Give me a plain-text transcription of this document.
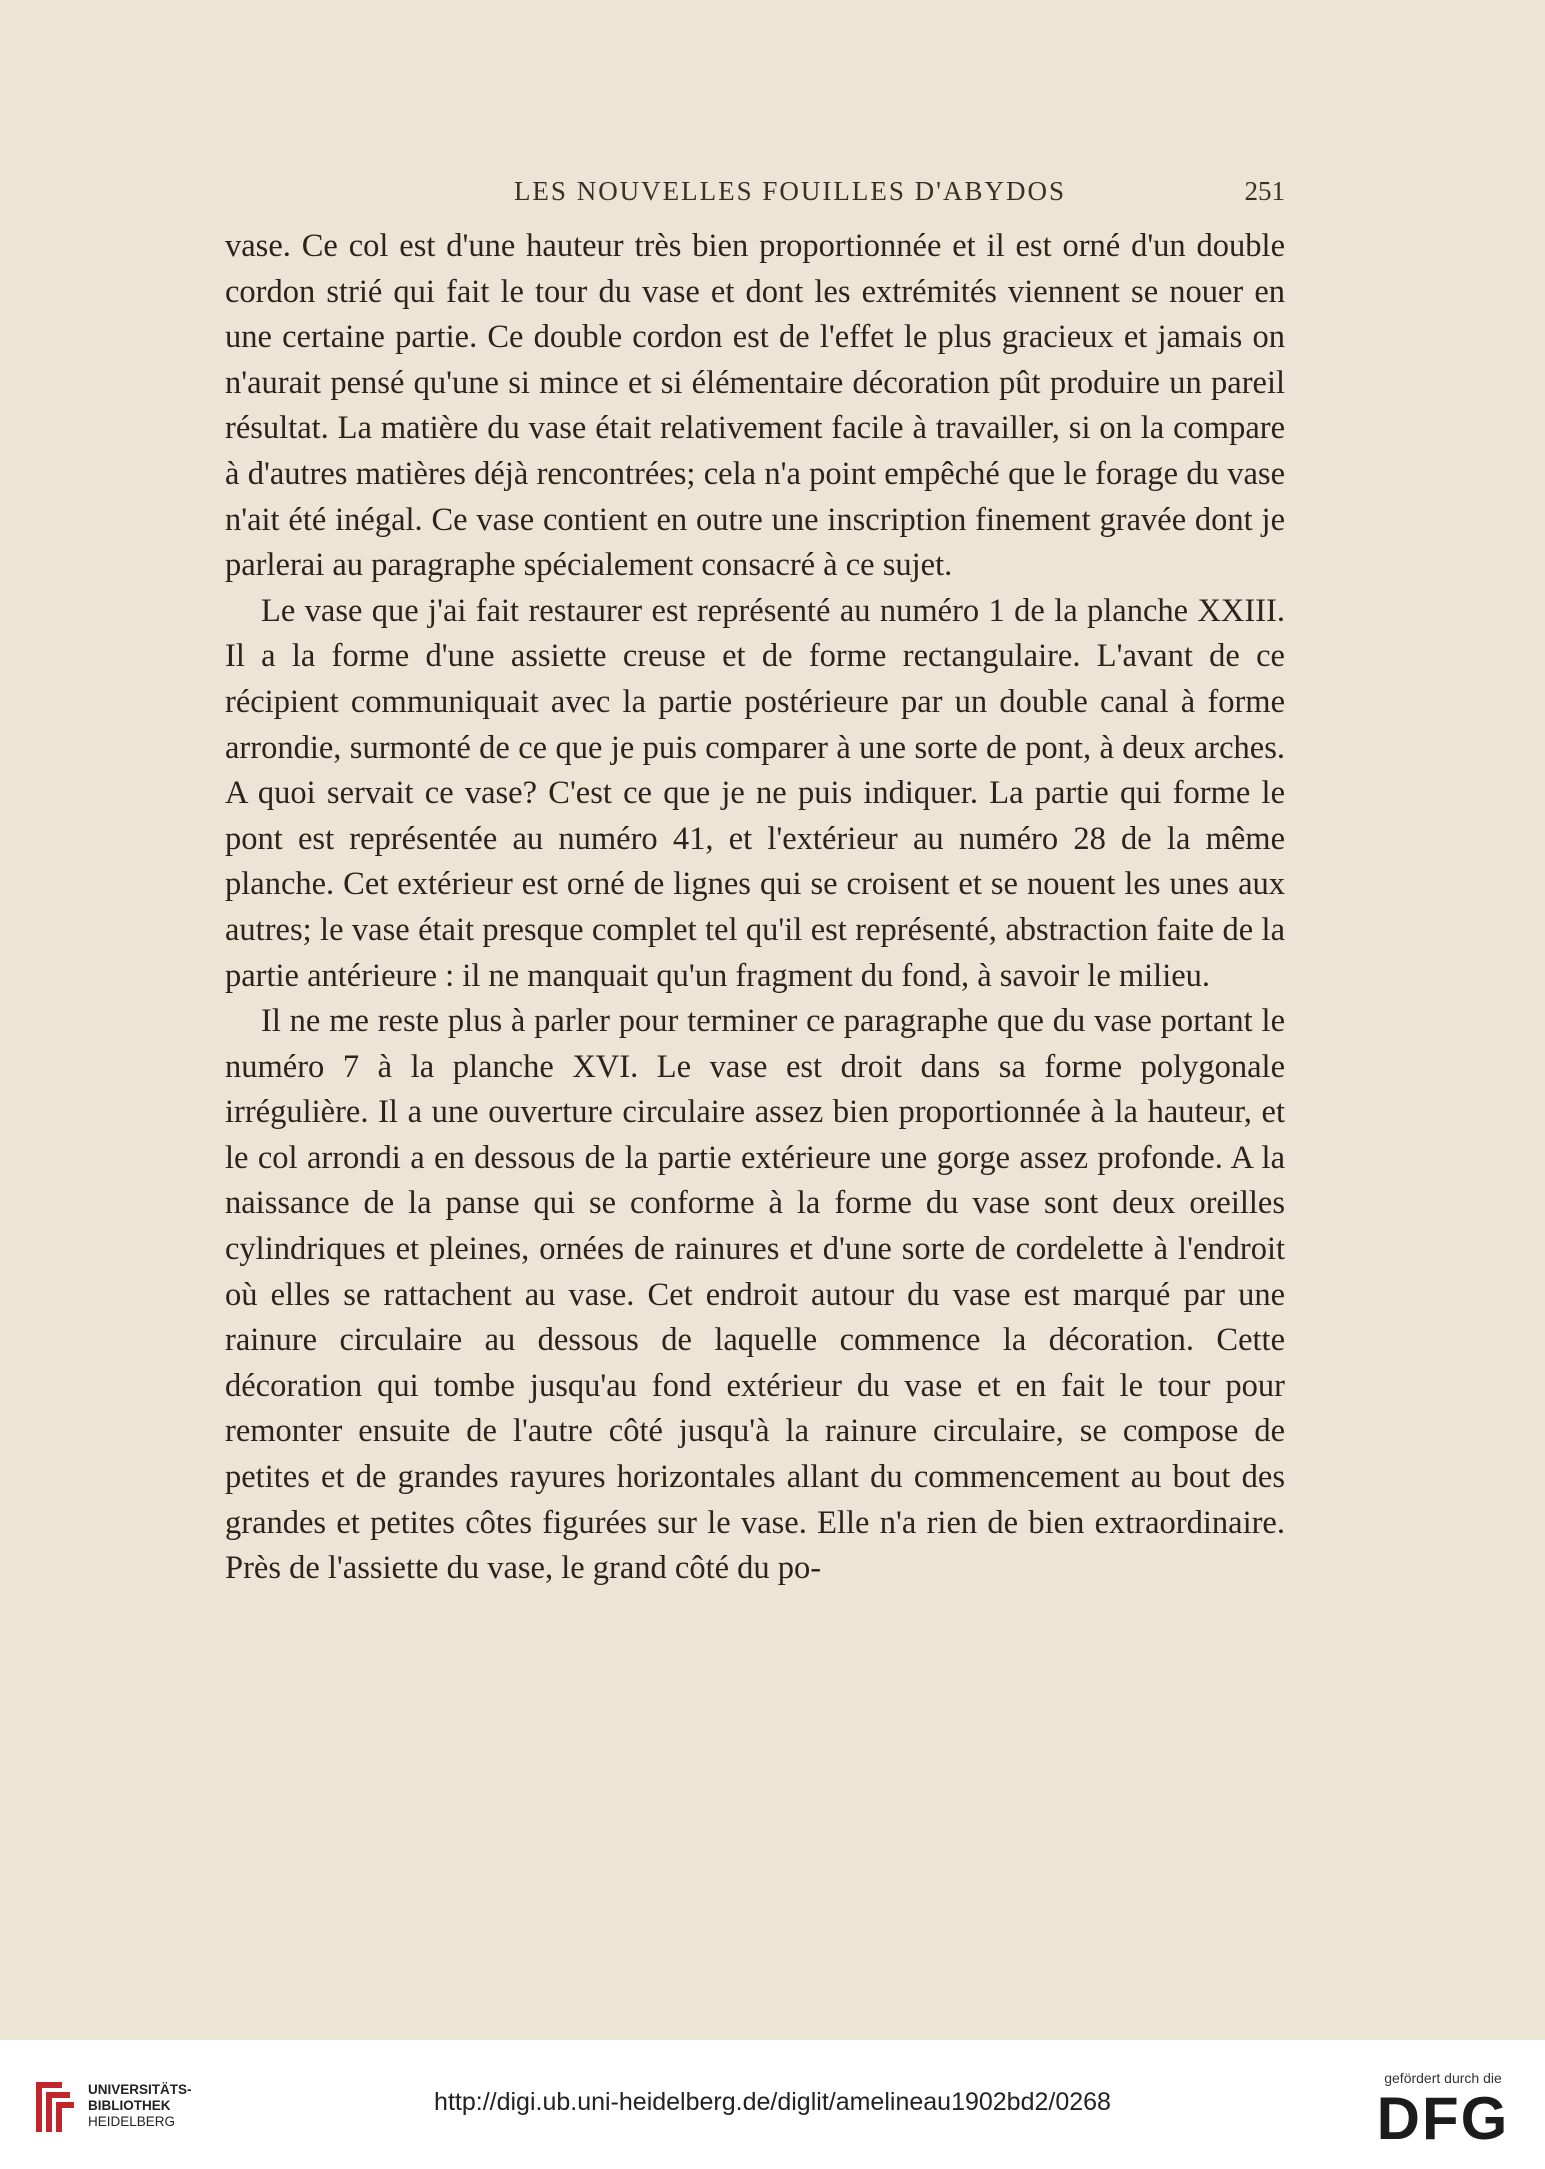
LES NOUVELLES FOUILLES D'ABYDOS	251

vase. Ce col est d'une hauteur très bien proportionnée et il est orné d'un double cordon strié qui fait le tour du vase et dont les extrémités viennent se nouer en une certaine partie. Ce double cordon est de l'effet le plus gracieux et jamais on n'aurait pensé qu'une si mince et si élémentaire décoration pût produire un pareil résultat. La matière du vase était relativement facile à travailler, si on la compare à d'autres matières déjà rencontrées; cela n'a point empêché que le forage du vase n'ait été inégal. Ce vase contient en outre une inscription finement gravée dont je parlerai au paragraphe spécialement consacré à ce sujet.

Le vase que j'ai fait restaurer est représenté au numéro 1 de la planche XXIII. Il a la forme d'une assiette creuse et de forme rectangulaire. L'avant de ce récipient communiquait avec la partie postérieure par un double canal à forme arrondie, surmonté de ce que je puis comparer à une sorte de pont, à deux arches. A quoi servait ce vase? C'est ce que je ne puis indiquer. La partie qui forme le pont est représentée au numéro 41, et l'extérieur au numéro 28 de la même planche. Cet extérieur est orné de lignes qui se croisent et se nouent les unes aux autres; le vase était presque complet tel qu'il est représenté, abstraction faite de la partie antérieure : il ne manquait qu'un fragment du fond, à savoir le milieu.

Il ne me reste plus à parler pour terminer ce paragraphe que du vase portant le numéro 7 à la planche XVI. Le vase est droit dans sa forme polygonale irrégulière. Il a une ouverture circulaire assez bien proportionnée à la hauteur, et le col arrondi a en dessous de la partie extérieure une gorge assez profonde. A la naissance de la panse qui se conforme à la forme du vase sont deux oreilles cylindriques et pleines, ornées de rainures et d'une sorte de cordelette à l'endroit où elles se rattachent au vase. Cet endroit autour du vase est marqué par une rainure circulaire au dessous de laquelle commence la décoration. Cette décoration qui tombe jusqu'au fond extérieur du vase et en fait le tour pour remonter ensuite de l'autre côté jusqu'à la rainure circulaire, se compose de petites et de grandes rayures horizontales allant du commencement au bout des grandes et petites côtes figurées sur le vase. Elle n'a rien de bien extraordinaire. Près de l'assiette du vase, le grand côté du po-

UNIVERSITÄTS-
BIBLIOTHEK
HEIDELBERG
http://digi.ub.uni-heidelberg.de/diglit/amelineau1902bd2/0268
gefördert durch die
DFG
